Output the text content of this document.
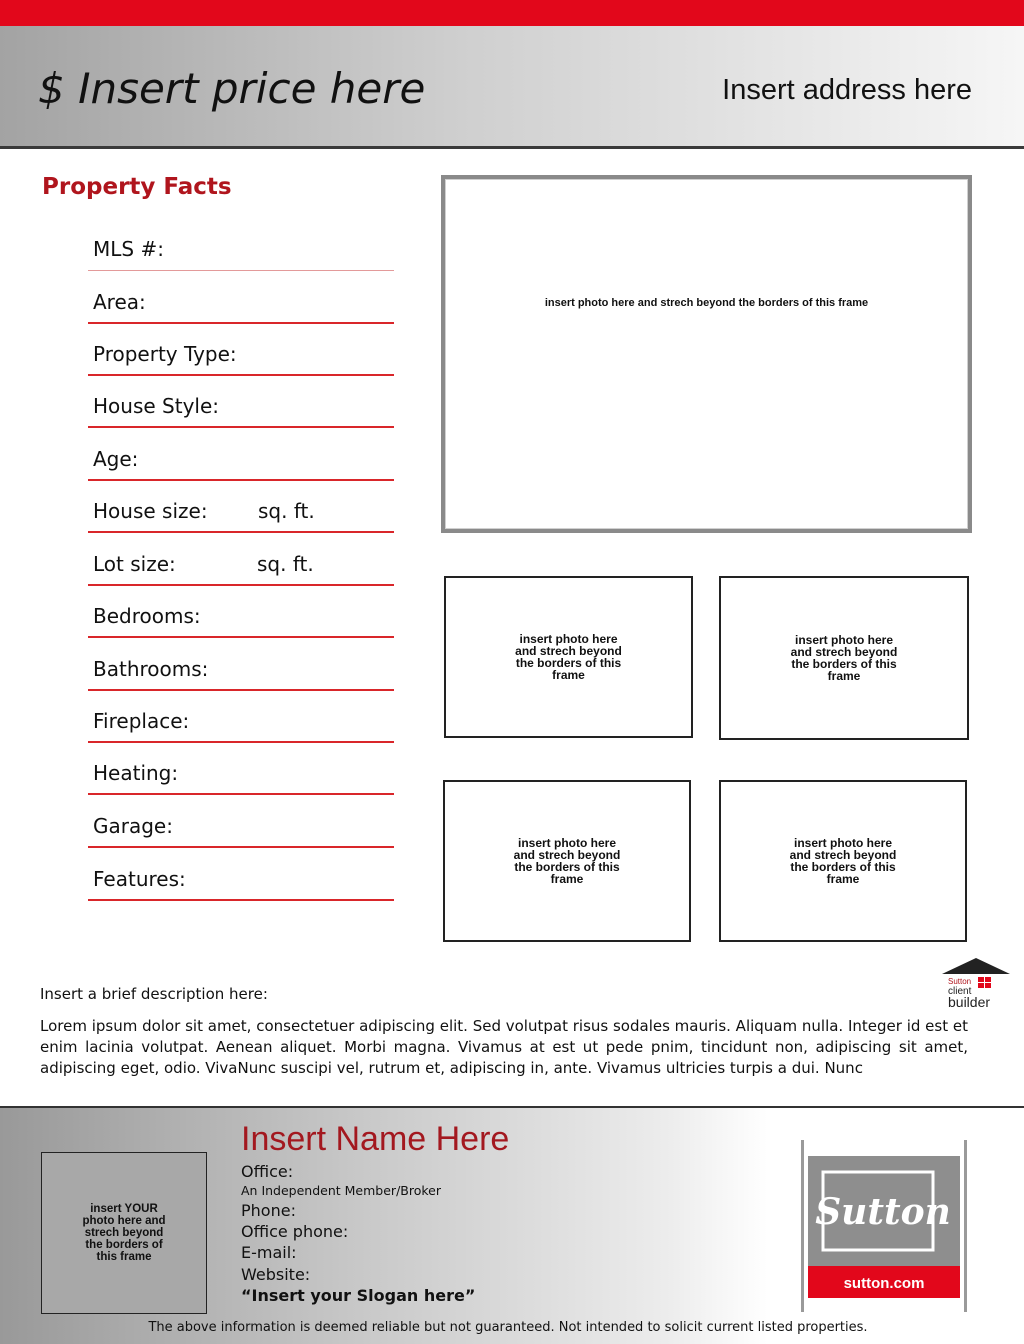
$ Insert price here	Insert address here
Property Facts
MLS #:
Area:
Property Type:
House Style:
Age:
House size:	sq. ft.
Lot size:	sq. ft.
Bedrooms:
Bathrooms:
Fireplace:
Heating:
Garage:
Features:
insert photo here and strech beyond the borders of this frame
insert photo here and strech beyond the borders of this frame
insert photo here and strech beyond the borders of this frame
insert photo here and strech beyond the borders of this frame
insert photo here and strech beyond the borders of this frame
Sutton
client
builder
Insert a brief description here:
Lorem ipsum dolor sit amet, consectetuer adipiscing elit. Sed volutpat risus sodales mauris. Aliquam nulla. Integer id est et enim lacinia volutpat. Aenean aliquet. Morbi magna. Vivamus at est ut pede pnim, tincidunt non, adipiscing sit amet, adipiscing eget, odio. VivaNunc suscipi vel, rutrum et, adipiscing in, ante. Vivamus ultricies turpis a dui. Nunc
insert YOUR photo here and strech beyond the borders of this frame
Insert Name Here
Office:
An Independent Member/Broker
Phone:
Office phone:
E-mail:
Website:
“Insert your Slogan here”
Sutton
sutton.com
The above information is deemed reliable but not guaranteed. Not intended to solicit current listed properties.
